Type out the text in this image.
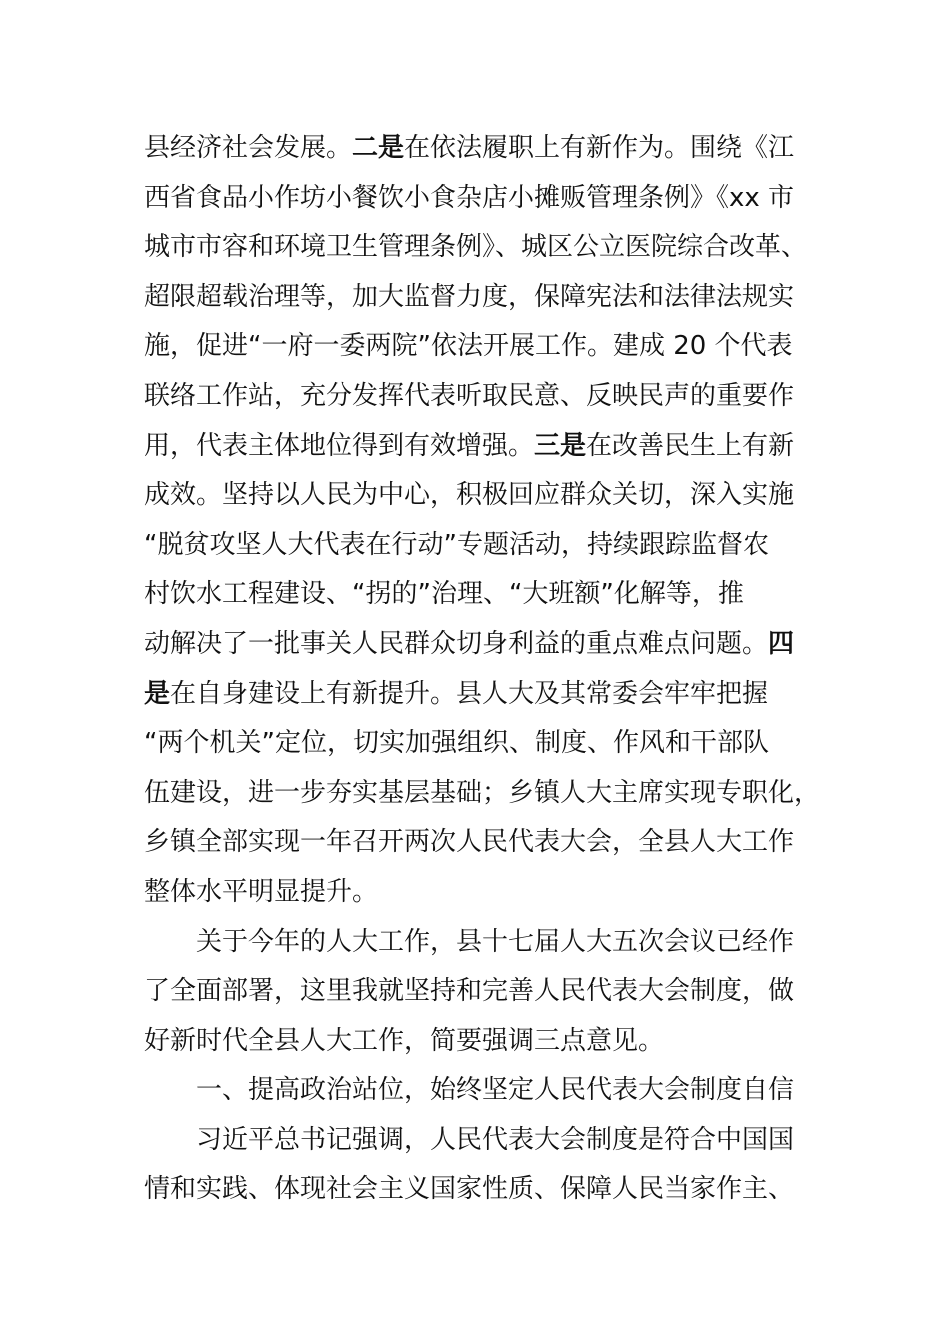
县经济社会发展。二是在依法履职上有新作为。围绕《江
西省食品小作坊小餐饮小食杂店小摊贩管理条例》《xx 市
城市市容和环境卫生管理条例》、城区公立医院综合改革、
超限超载治理等，加大监督力度，保障宪法和法律法规实
施，促进“一府一委两院”依法开展工作。建成 20 个代表
联络工作站，充分发挥代表听取民意、反映民声的重要作
用，代表主体地位得到有效增强。三是在改善民生上有新
成效。坚持以人民为中心，积极回应群众关切，深入实施
“脱贫攻坚人大代表在行动”专题活动，持续跟踪监督农
村饮水工程建设、“拐的”治理、“大班额”化解等，推
动解决了一批事关人民群众切身利益的重点难点问题。四
是在自身建设上有新提升。县人大及其常委会牢牢把握
“两个机关”定位，切实加强组织、制度、作风和干部队
伍建设，进一步夯实基层基础；乡镇人大主席实现专职化，
乡镇全部实现一年召开两次人民代表大会，全县人大工作
整体水平明显提升。
关于今年的人大工作，县十七届人大五次会议已经作
了全面部署，这里我就坚持和完善人民代表大会制度，做
好新时代全县人大工作，简要强调三点意见。
一、提高政治站位，始终坚定人民代表大会制度自信
习近平总书记强调，人民代表大会制度是符合中国国
情和实践、体现社会主义国家性质、保障人民当家作主、
